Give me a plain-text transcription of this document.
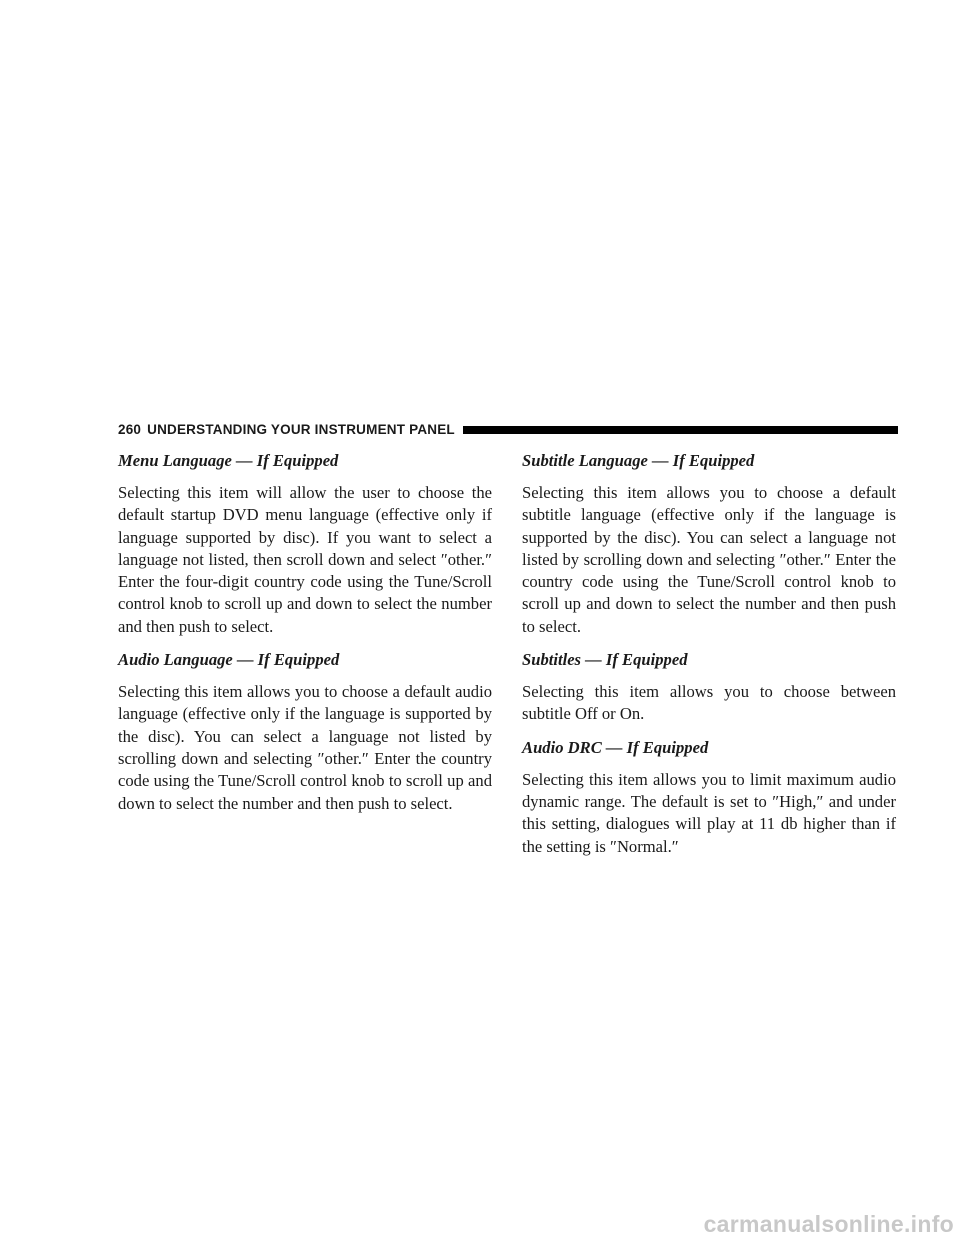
260 UNDERSTANDING YOUR INSTRUMENT PANEL

Menu Language — If Equipped

Selecting this item will allow the user to choose the default startup DVD menu language (effective only if language supported by disc). If you want to select a language not listed, then scroll down and select ″other.″ Enter the four-digit country code using the Tune/Scroll control knob to scroll up and down to select the number and then push to select.

Audio Language — If Equipped

Selecting this item allows you to choose a default audio language (effective only if the language is supported by the disc). You can select a language not listed by scrolling down and selecting ″other.″ Enter the country code using the Tune/Scroll control knob to scroll up and down to select the number and then push to select.

Subtitle Language — If Equipped

Selecting this item allows you to choose a default subtitle language (effective only if the language is supported by the disc). You can select a language not listed by scrolling down and selecting ″other.″ Enter the country code using the Tune/Scroll control knob to scroll up and down to select the number and then push to select.

Subtitles — If Equipped

Selecting this item allows you to choose between subtitle Off or On.

Audio DRC — If Equipped

Selecting this item allows you to limit maximum audio dynamic range. The default is set to ″High,″ and under this setting, dialogues will play at 11 db higher than if the setting is ″Normal.″

carmanualsonline.info
